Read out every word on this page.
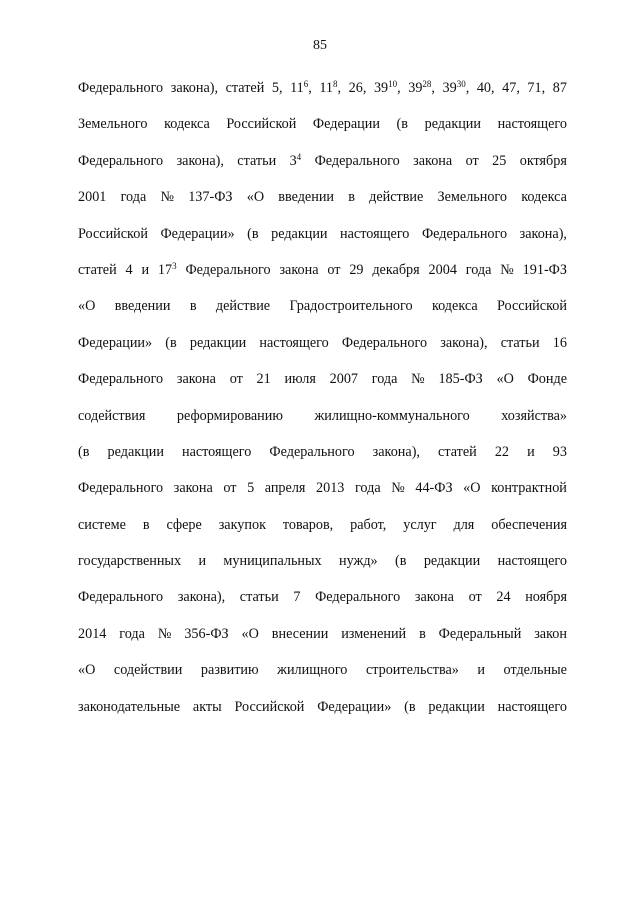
85
Федерального закона), статей 5, $11^6$, $11^8$, 26, $39^{10}$, $39^{28}$, $39^{30}$, 40, 47, 71, 87
Земельного кодекса Российской Федерации (в редакции настоящего
Федерального закона), статьи $3^4$ Федерального закона от 25 октября
2001 года № 137-ФЗ «О введении в действие Земельного кодекса
Российской Федерации» (в редакции настоящего Федерального закона),
статей 4 и $17^3$ Федерального закона от 29 декабря 2004 года № 191-ФЗ
«О введении в действие Градостроительного кодекса Российской
Федерации» (в редакции настоящего Федерального закона), статьи 16
Федерального закона от 21 июля 2007 года № 185-ФЗ «О Фонде
содействия реформированию жилищно-коммунального хозяйства»
(в редакции настоящего Федерального закона), статей 22 и 93
Федерального закона от 5 апреля 2013 года № 44-ФЗ «О контрактной
системе в сфере закупок товаров, работ, услуг для обеспечения
государственных и муниципальных нужд» (в редакции настоящего
Федерального закона), статьи 7 Федерального закона от 24 ноября
2014 года № 356-ФЗ «О внесении изменений в Федеральный закон
«О содействии развитию жилищного строительства» и отдельные
законодательные акты Российской Федерации» (в редакции настоящего
